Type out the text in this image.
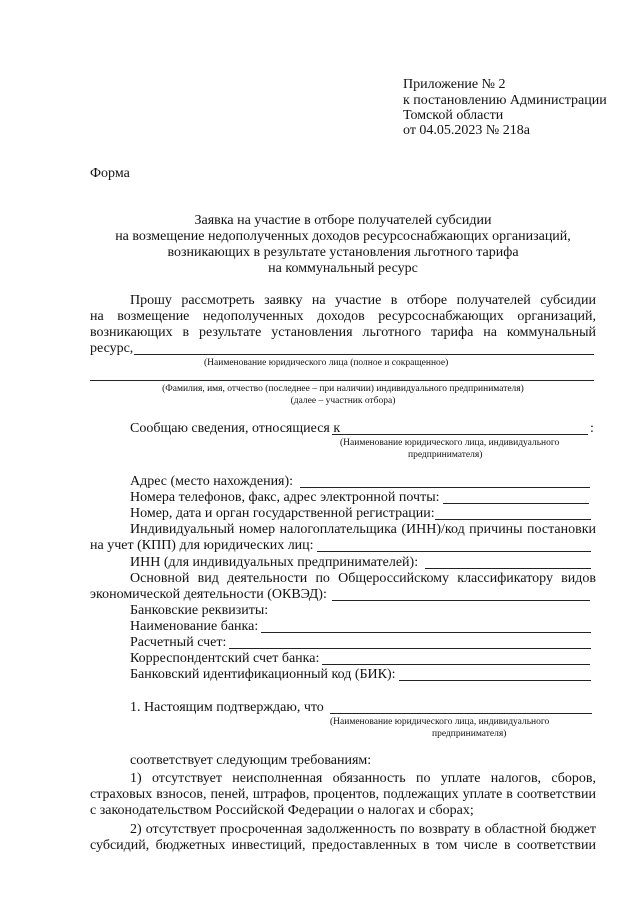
Приложение № 2
к постановлению Администрации
Томской области
от 04.05.2023 № 218а
Форма
Заявка на участие в отборе получателей субсидии
на возмещение недополученных доходов ресурсоснабжающих организаций,
возникающих в результате установления льготного тарифа
на коммунальный ресурс
Прошу рассмотреть заявку на участие в отборе получателей субсидии
на возмещение недополученных доходов ресурсоснабжающих организаций,
возникающих в результате установления льготного тарифа на коммунальный
ресурс,
(Наименование юридического лица (полное и сокращенное)
(Фамилия, имя, отчество (последнее – при наличии) индивидуального предпринимателя)
(далее – участник отбора)
Сообщаю сведения, относящиеся к	:
(Наименование юридического лица, индивидуального
предпринимателя)
Адрес (место нахождения):
Номера телефонов, факс, адрес электронной почты:
Номер, дата и орган государственной регистрации:
Индивидуальный номер налогоплательщика (ИНН)/код причины постановки
на учет (КПП) для юридических лиц:
ИНН (для индивидуальных предпринимателей):
Основной вид деятельности по Общероссийскому классификатору видов
экономической деятельности (ОКВЭД):
Банковские реквизиты:
Наименование банка:
Расчетный счет:
Корреспондентский счет банка:
Банковский идентификационный код (БИК):
1. Настоящим подтверждаю, что
(Наименование юридического лица, индивидуального
предпринимателя)
соответствует следующим требованиям:
1) отсутствует неисполненная обязанность по уплате налогов, сборов,
страховых взносов, пеней, штрафов, процентов, подлежащих уплате в соответствии
с законодательством Российской Федерации о налогах и сборах;
2) отсутствует просроченная задолженность по возврату в областной бюджет
субсидий, бюджетных инвестиций, предоставленных в том числе в соответствии
